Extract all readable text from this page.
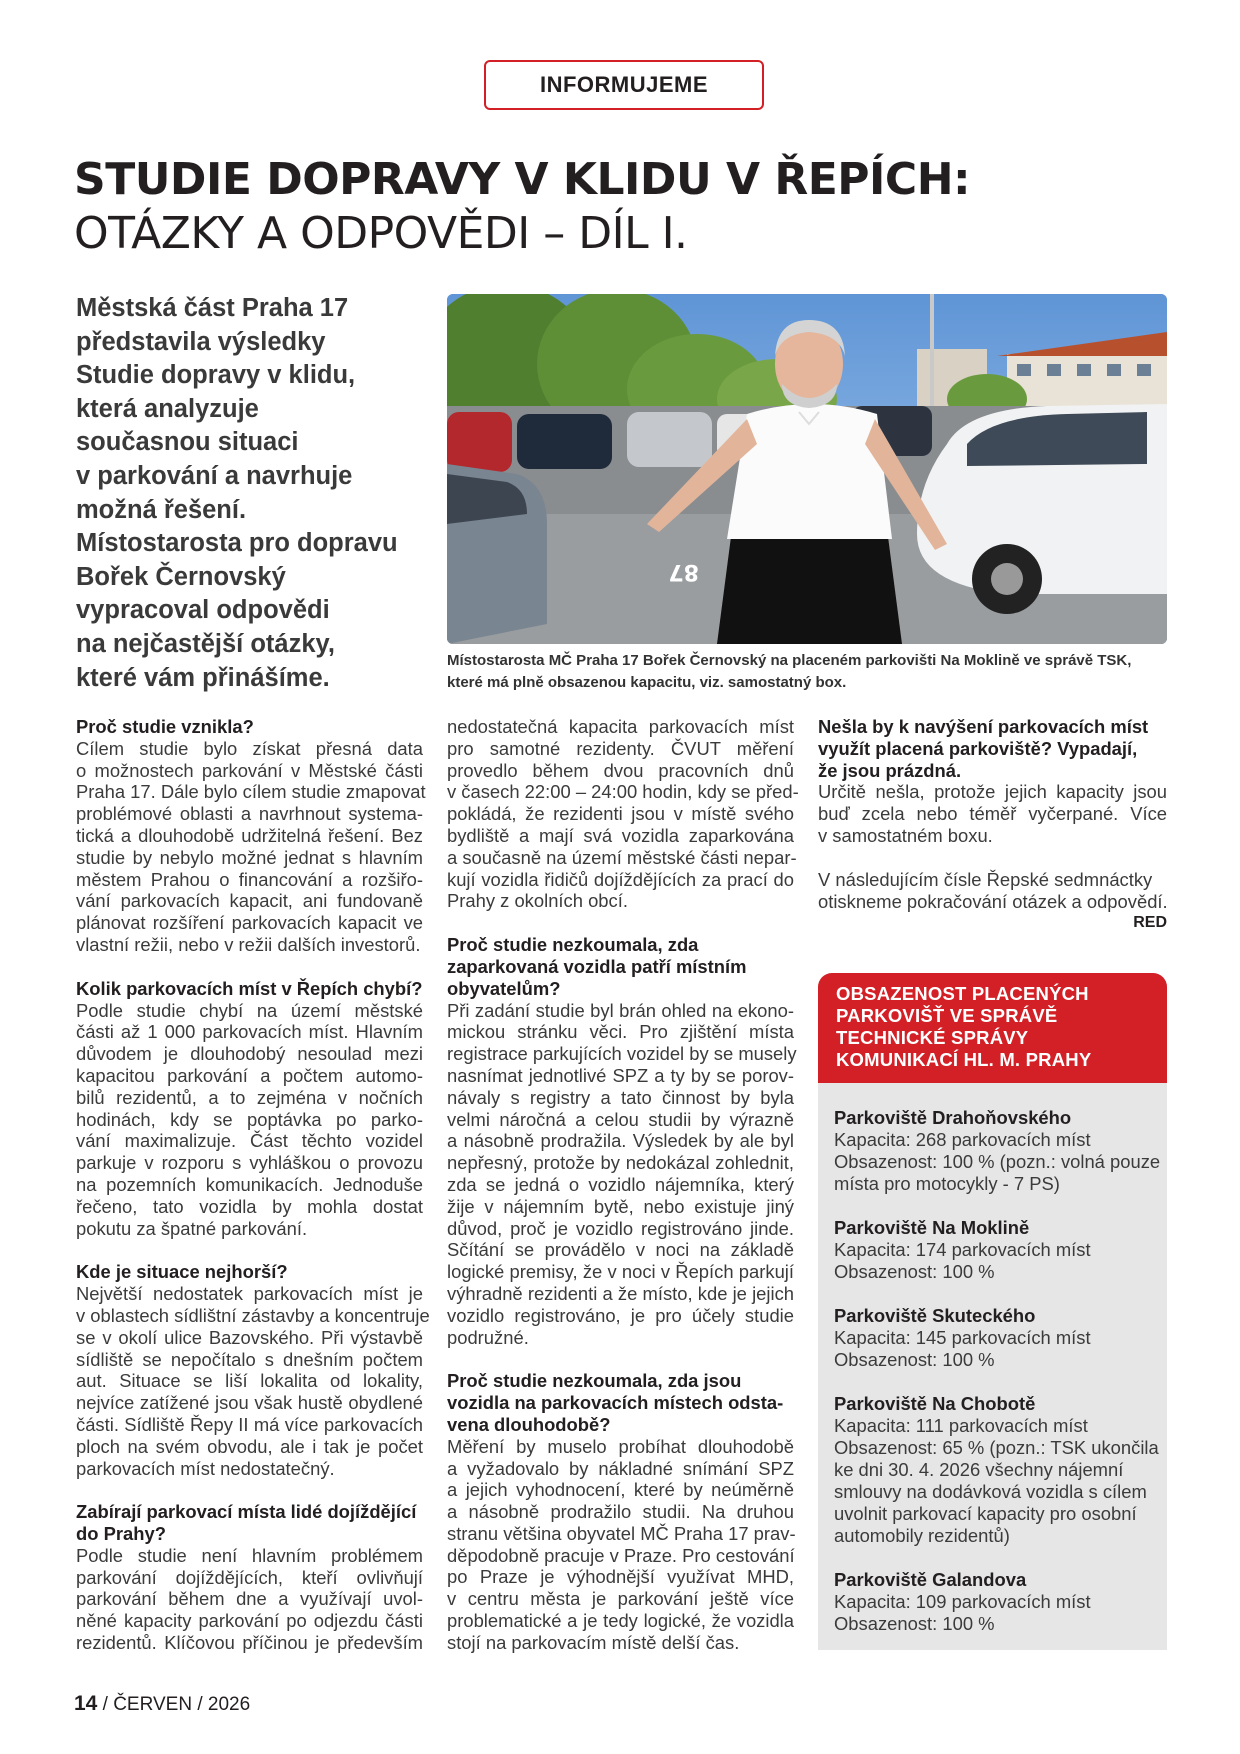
INFORMUJEME
STUDIE DOPRAVY V KLIDU V ŘEPÍCH:
OTÁZKY A ODPOVĚDI – DÍL I.
Městská část Praha 17
představila výsledky
Studie dopravy v klidu,
která analyzuje
současnou situaci
v parkování a navrhuje
možná řešení.
Místostarosta pro dopravu
Bořek Černovský
vypracoval odpovědi
na nejčastější otázky,
které vám přinášíme.
87
Místostarosta MČ Praha 17 Bořek Černovský na placeném parkovišti Na Moklině ve správě TSK,
které má plně obsazenou kapacitu, viz. samostatný box.
Proč studie vznikla?
Cílem studie bylo získat přesná data
o možnostech parkování v Městské části
Praha 17. Dále bylo cílem studie zmapovat
problémové oblasti a navrhnout systema-
tická a dlouhodobě udržitelná řešení. Bez
studie by nebylo možné jednat s hlavním
městem Prahou o financování a rozšiřo-
vání parkovacích kapacit, ani fundovaně
plánovat rozšíření parkovacích kapacit ve
vlastní režii, nebo v režii dalších investorů.
Kolik parkovacích míst v Řepích chybí?
Podle studie chybí na území městské
části až 1 000 parkovacích míst. Hlavním
důvodem je dlouhodobý nesoulad mezi
kapacitou parkování a počtem automo-
bilů rezidentů, a to zejména v nočních
hodinách, kdy se poptávka po parko-
vání maximalizuje. Část těchto vozidel
parkuje v rozporu s vyhláškou o provozu
na pozemních komunikacích. Jednoduše
řečeno, tato vozidla by mohla dostat
pokutu za špatné parkování.
Kde je situace nejhorší?
Největší nedostatek parkovacích míst je
v oblastech sídlištní zástavby a koncentruje
se v okolí ulice Bazovského. Při výstavbě
sídliště se nepočítalo s dnešním počtem
aut. Situace se liší lokalita od lokality,
nejvíce zatížené jsou však hustě obydlené
části. Sídliště Řepy II má více parkovacích
ploch na svém obvodu, ale i tak je počet
parkovacích míst nedostatečný.
Zabírají parkovací místa lidé dojíždějící
do Prahy?
Podle studie není hlavním problémem
parkování dojíždějících, kteří ovlivňují
parkování během dne a využívají uvol-
něné kapacity parkování po odjezdu části
rezidentů. Klíčovou příčinou je především
nedostatečná kapacita parkovacích míst
pro samotné rezidenty. ČVUT měření
provedlo během dvou pracovních dnů
v časech 22:00 – 24:00 hodin, kdy se před-
pokládá, že rezidenti jsou v místě svého
bydliště a mají svá vozidla zaparkována
a současně na území městské části nepar-
kují vozidla řidičů dojíždějících za prací do
Prahy z okolních obcí.
Proč studie nezkoumala, zda
zaparkovaná vozidla patří místním
obyvatelům?
Při zadání studie byl brán ohled na ekono-
mickou stránku věci. Pro zjištění místa
registrace parkujících vozidel by se musely
nasnímat jednotlivé SPZ a ty by se porov-
návaly s registry a tato činnost by byla
velmi náročná a celou studii by výrazně
a násobně prodražila. Výsledek by ale byl
nepřesný, protože by nedokázal zohlednit,
zda se jedná o vozidlo nájemníka, který
žije v nájemním bytě, nebo existuje jiný
důvod, proč je vozidlo registrováno jinde.
Sčítání se provádělo v noci na základě
logické premisy, že v noci v Řepích parkují
výhradně rezidenti a že místo, kde je jejich
vozidlo registrováno, je pro účely studie
podružné.
Proč studie nezkoumala, zda jsou
vozidla na parkovacích místech odsta-
vena dlouhodobě?
Měření by muselo probíhat dlouhodobě
a vyžadovalo by nákladné snímání SPZ
a jejich vyhodnocení, které by neúměrně
a násobně prodražilo studii. Na druhou
stranu většina obyvatel MČ Praha 17 prav-
děpodobně pracuje v Praze. Pro cestování
po Praze je výhodnější využívat MHD,
v centru města je parkování ještě více
problematické a je tedy logické, že vozidla
stojí na parkovacím místě delší čas.
Nešla by k navýšení parkovacích míst
využít placená parkoviště? Vypadají,
že jsou prázdná.
Určitě nešla, protože jejich kapacity jsou
buď zcela nebo téměř vyčerpané. Více
v samostatném boxu.
V následujícím čísle Řepské sedmnáctky
otiskneme pokračování otázek a odpovědí.
RED
OBSAZENOST PLACENÝCH
PARKOVIŠŤ VE SPRÁVĚ
TECHNICKÉ SPRÁVY
KOMUNIKACÍ HL. M. PRAHY
Parkoviště Drahoňovského
Kapacita: 268 parkovacích míst
Obsazenost: 100 % (pozn.: volná pouze
místa pro motocykly - 7 PS)
Parkoviště Na Moklině
Kapacita: 174 parkovacích míst
Obsazenost: 100 %
Parkoviště Skuteckého
Kapacita: 145 parkovacích míst
Obsazenost: 100 %
Parkoviště Na Chobotě
Kapacita: 111 parkovacích míst
Obsazenost: 65 % (pozn.: TSK ukončila
ke dni 30. 4. 2026 všechny nájemní
smlouvy na dodávková vozidla s cílem
uvolnit parkovací kapacity pro osobní
automobily rezidentů)
Parkoviště Galandova
Kapacita: 109 parkovacích míst
Obsazenost: 100 %
14 / ČERVEN / 2026
